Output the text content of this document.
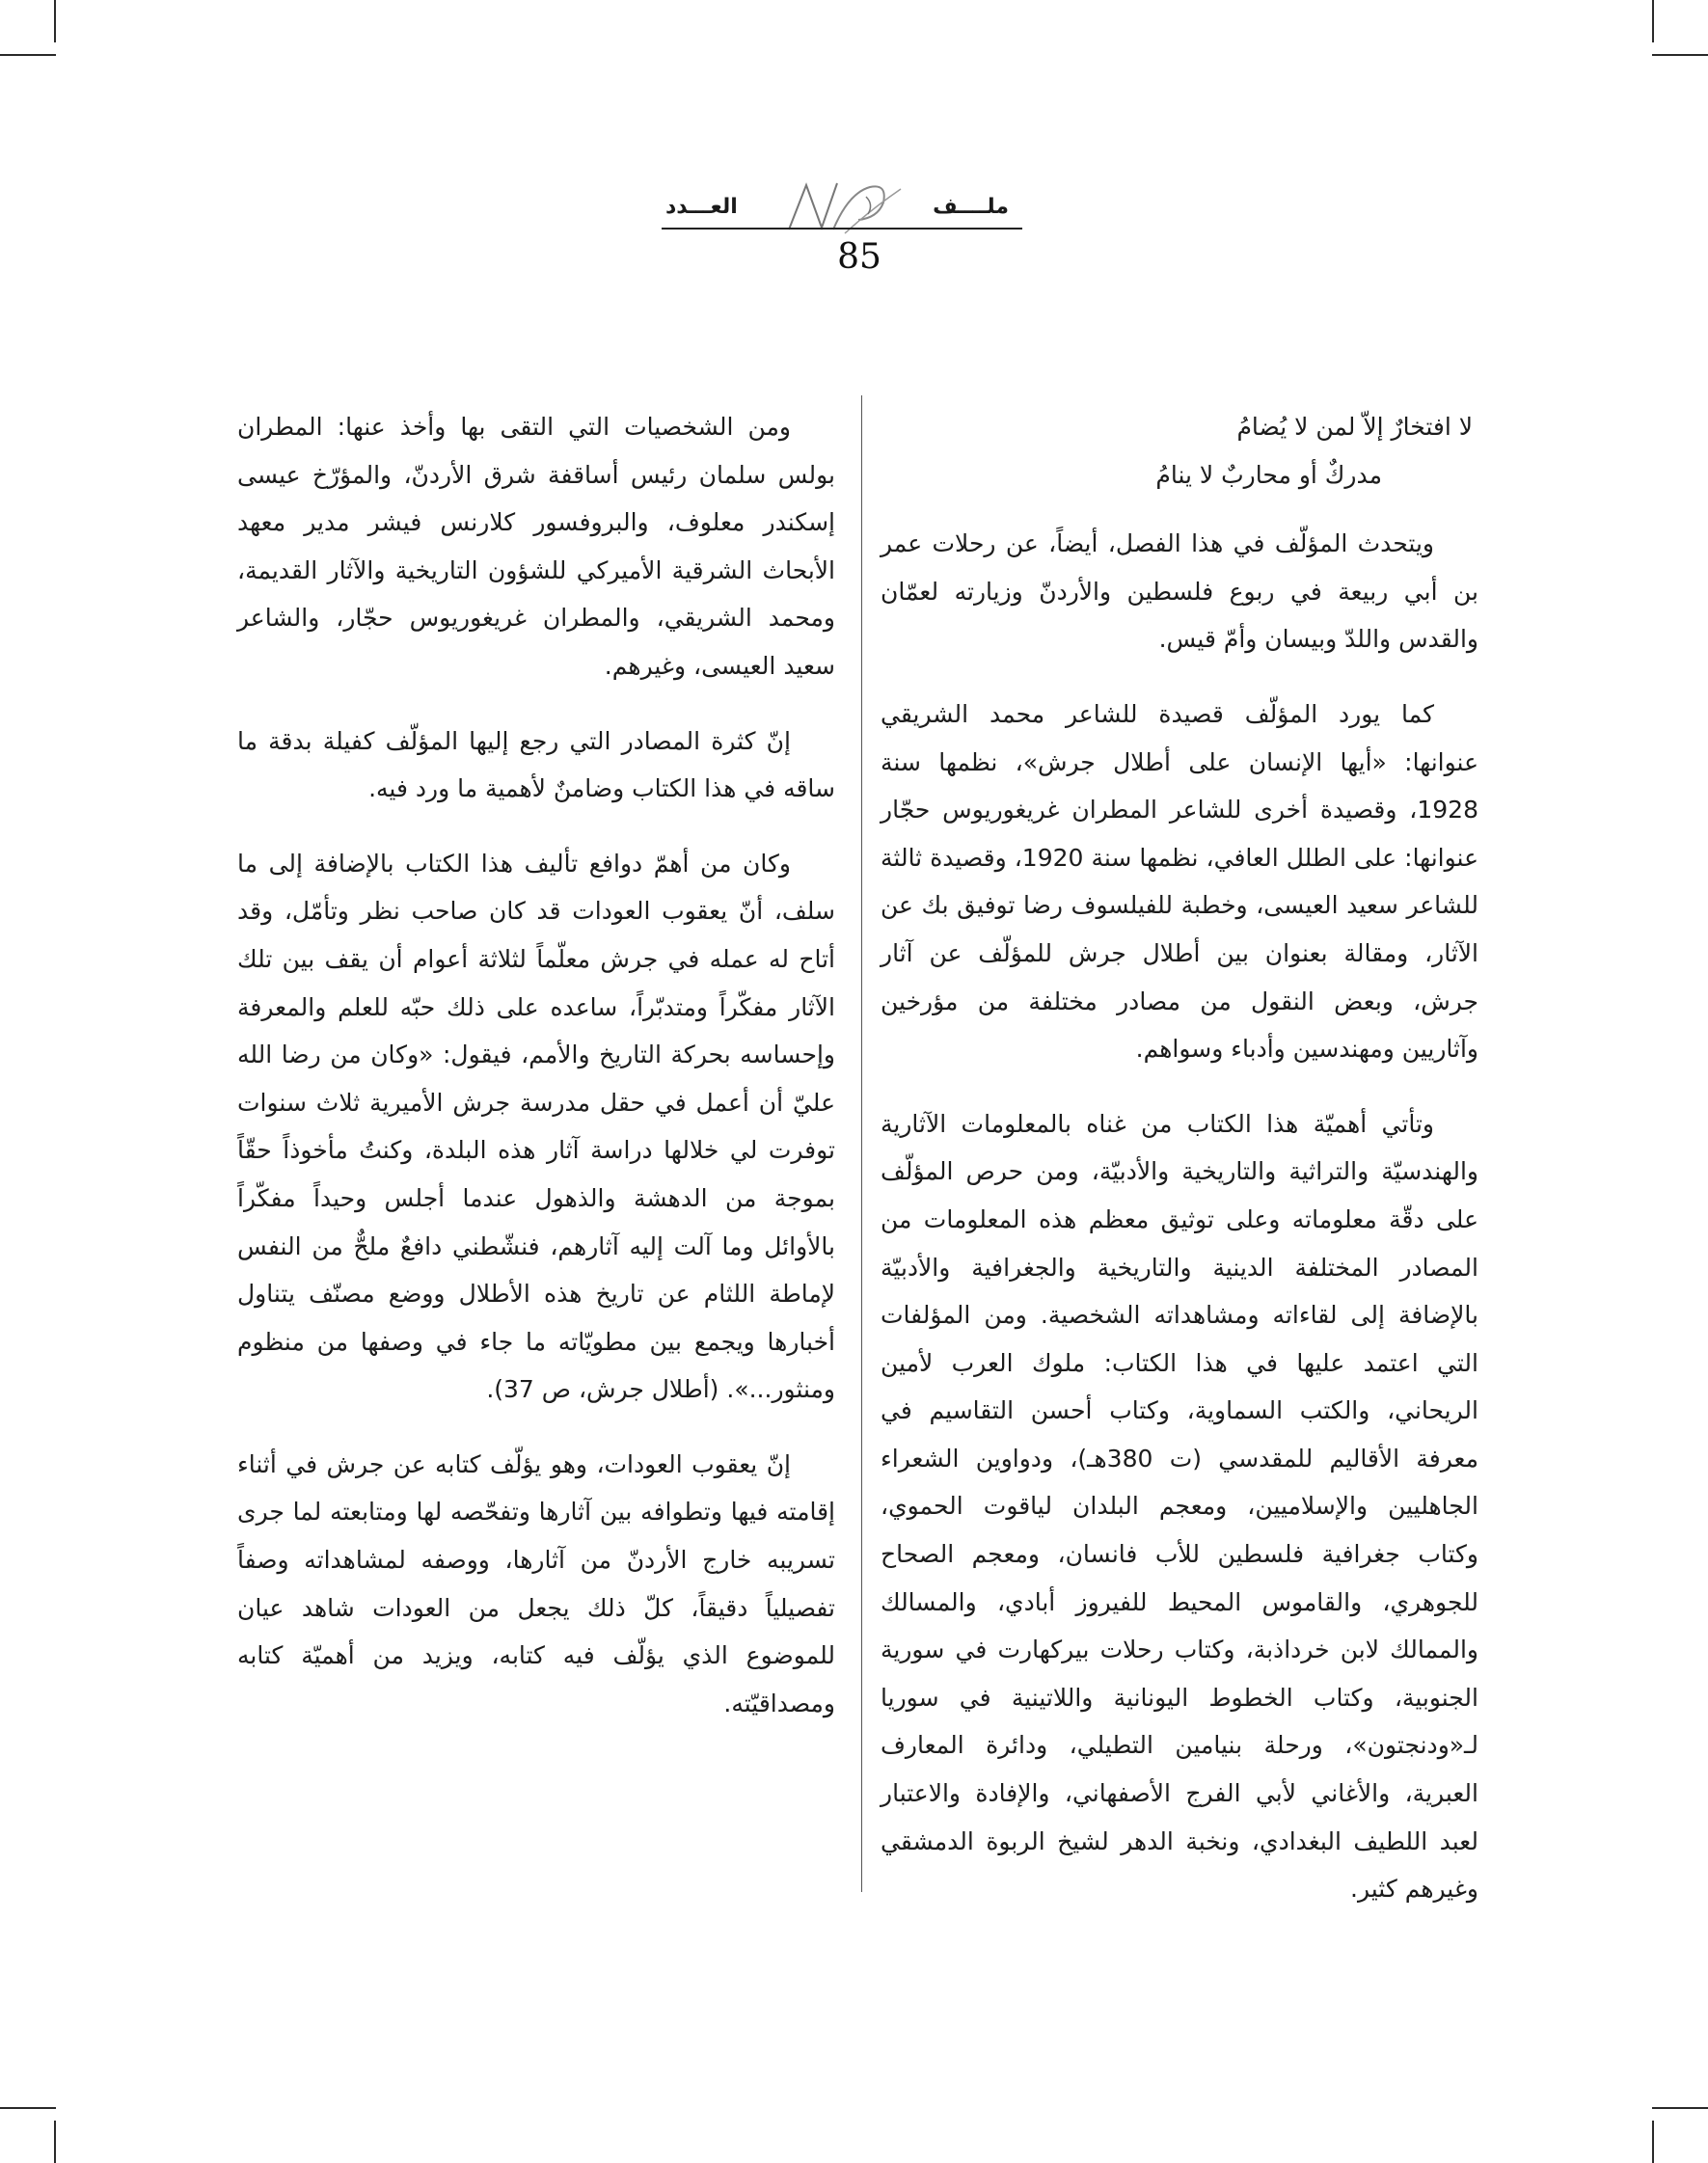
العـــدد	ملــــف
85
لا افتخارٌ إلاّ لمن لا يُضامُ
مدركٌ أو محاربٌ لا ينامُ

ويتحدث المؤلّف في هذا الفصل، أيضاً، عن رحلات عمر بن أبي ربيعة في ربوع فلسطين والأردنّ وزيارته لعمّان والقدس واللدّ وبيسان وأمّ قيس.

كما يورد المؤلّف قصيدة للشاعر محمد الشريقي عنوانها: «أيها الإنسان على أطلال جرش»، نظمها سنة 1928، وقصيدة أخرى للشاعر المطران غريغوريوس حجّار عنوانها: على الطلل العافي، نظمها سنة 1920، وقصيدة ثالثة للشاعر سعيد العيسى، وخطبة للفيلسوف رضا توفيق بك عن الآثار، ومقالة بعنوان بين أطلال جرش للمؤلّف عن آثار جرش، وبعض النقول من مصادر مختلفة من مؤرخين وآثاريين ومهندسين وأدباء وسواهم.

وتأتي أهميّة هذا الكتاب من غناه بالمعلومات الآثارية والهندسيّة والتراثية والتاريخية والأدبيّة، ومن حرص المؤلّف على دقّة معلوماته وعلى توثيق معظم هذه المعلومات من المصادر المختلفة الدينية والتاريخية والجغرافية والأدبيّة بالإضافة إلى لقاءاته ومشاهداته الشخصية. ومن المؤلفات التي اعتمد عليها في هذا الكتاب: ملوك العرب لأمين الريحاني، والكتب السماوية، وكتاب أحسن التقاسيم في معرفة الأقاليم للمقدسي (ت 380هـ)، ودواوين الشعراء الجاهليين والإسلاميين، ومعجم البلدان لياقوت الحموي، وكتاب جغرافية فلسطين للأب فانسان، ومعجم الصحاح للجوهري، والقاموس المحيط للفيروز أبادي، والمسالك والممالك لابن خرداذبة، وكتاب رحلات بيركهارت في سورية الجنوبية، وكتاب الخطوط اليونانية واللاتينية في سوريا لـ«ودنجتون»، ورحلة بنيامين التطيلي، ودائرة المعارف العبرية، والأغاني لأبي الفرج الأصفهاني، والإفادة والاعتبار لعبد اللطيف البغدادي، ونخبة الدهر لشيخ الربوة الدمشقي وغيرهم كثير.

ومن الشخصيات التي التقى بها وأخذ عنها: المطران بولس سلمان رئيس أساقفة شرق الأردنّ، والمؤرّخ عيسى إسكندر معلوف، والبروفسور كلارنس فيشر مدير معهد الأبحاث الشرقية الأميركي للشؤون التاريخية والآثار القديمة، ومحمد الشريقي، والمطران غريغوريوس حجّار، والشاعر سعيد العيسى، وغيرهم.

إنّ كثرة المصادر التي رجع إليها المؤلّف كفيلة بدقة ما ساقه في هذا الكتاب وضامنٌ لأهمية ما ورد فيه.

وكان من أهمّ دوافع تأليف هذا الكتاب بالإضافة إلى ما سلف، أنّ يعقوب العودات قد كان صاحب نظر وتأمّل، وقد أتاح له عمله في جرش معلّماً لثلاثة أعوام أن يقف بين تلك الآثار مفكّراً ومتدبّراً، ساعده على ذلك حبّه للعلم والمعرفة وإحساسه بحركة التاريخ والأمم، فيقول: «وكان من رضا الله عليّ أن أعمل في حقل مدرسة جرش الأميرية ثلاث سنوات توفرت لي خلالها دراسة آثار هذه البلدة، وكنتُ مأخوذاً حقّاً بموجة من الدهشة والذهول عندما أجلس وحيداً مفكّراً بالأوائل وما آلت إليه آثارهم، فنشّطني دافعٌ ملحٌّ من النفس لإماطة اللثام عن تاريخ هذه الأطلال ووضع مصنّف يتناول أخبارها ويجمع بين مطويّاته ما جاء في وصفها من منظوم ومنثور...». (أطلال جرش، ص 37).

إنّ يعقوب العودات، وهو يؤلّف كتابه عن جرش في أثناء إقامته فيها وتطوافه بين آثارها وتفحّصه لها ومتابعته لما جرى تسريبه خارج الأردنّ من آثارها، ووصفه لمشاهداته وصفاً تفصيلياً دقيقاً، كلّ ذلك يجعل من العودات شاهد عيان للموضوع الذي يؤلّف فيه كتابه، ويزيد من أهميّة كتابه ومصداقيّته.
